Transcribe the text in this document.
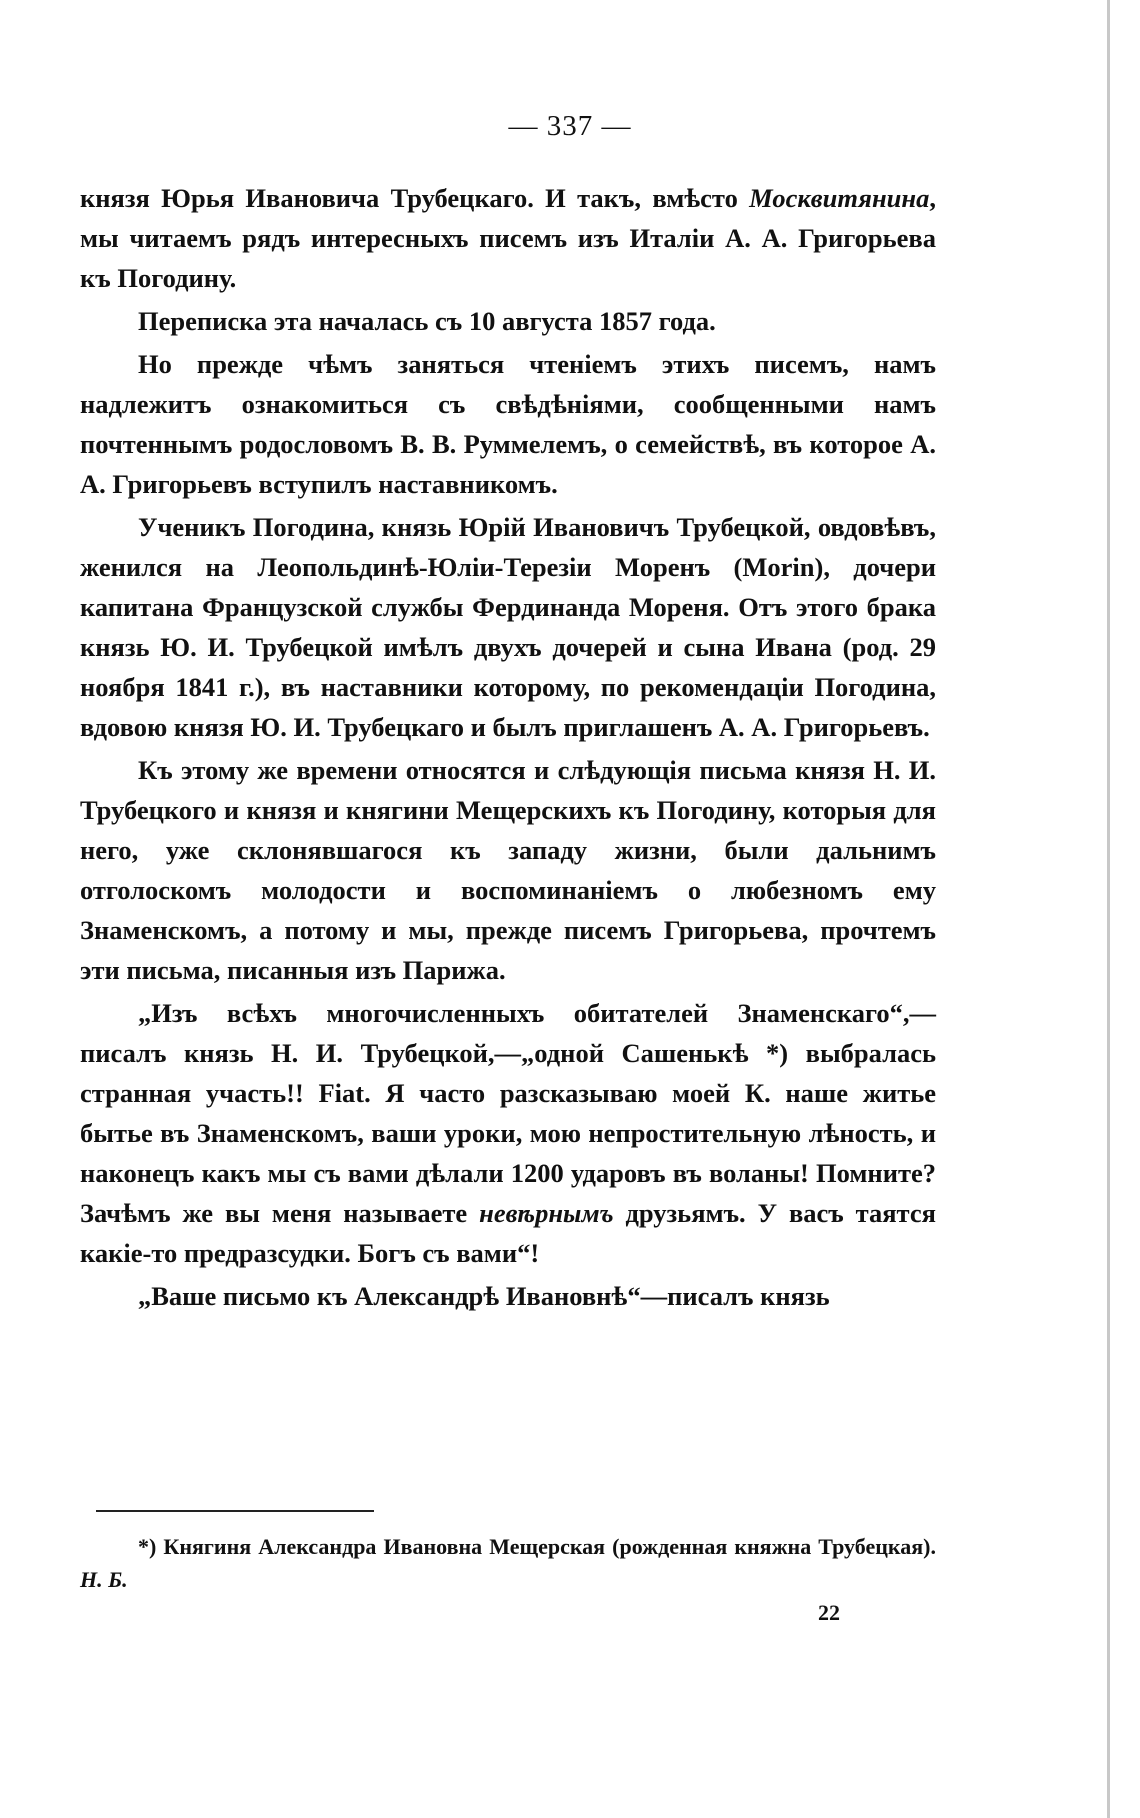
— 337 —

князя Юрья Ивановича Трубецкаго. И такъ, вмѣсто Москвитянина, мы читаемъ рядъ интересныхъ писемъ изъ Италіи А. А. Григорьева къ Погодину.

Переписка эта началась съ 10 августа 1857 года.

Но прежде чѣмъ заняться чтеніемъ этихъ писемъ, намъ надлежитъ ознакомиться съ свѣдѣніями, сообщенными намъ почтеннымъ родословомъ В. В. Руммелемъ, о семействѣ, въ которое А. А. Григорьевъ вступилъ наставникомъ.

Ученикъ Погодина, князь Юрій Ивановичъ Трубецкой, овдовѣвъ, женился на Леопольдинѣ-Юліи-Терезіи Моренъ (Morin), дочери капитана Французской службы Фердинанда Мореня. Отъ этого брака князь Ю. И. Трубецкой имѣлъ двухъ дочерей и сына Ивана (род. 29 ноября 1841 г.), въ наставники которому, по рекомендаціи Погодина, вдовою князя Ю. И. Трубецкаго и былъ приглашенъ А. А. Григорьевъ.

Къ этому же времени относятся и слѣдующія письма князя Н. И. Трубецкого и князя и княгини Мещерскихъ къ Погодину, которыя для него, уже склонявшагося къ западу жизни, были дальнимъ отголоскомъ молодости и воспоминаніемъ о любезномъ ему Знаменскомъ, а потому и мы, прежде писемъ Григорьева, прочтемъ эти письма, писанныя изъ Парижа.

„Изъ всѣхъ многочисленныхъ обитателей Знаменскаго“,— писалъ князь Н. И. Трубецкой,—„одной Сашенькѣ *) выбралась странная участь!! Fiat. Я часто разсказываю моей К. наше житье бытье въ Знаменскомъ, ваши уроки, мою непростительную лѣность, и наконецъ какъ мы съ вами дѣлали 1200 ударовъ въ воланы! Помните? Зачѣмъ же вы меня называете невѣрнымъ друзьямъ. У васъ таятся какіе-то предразсудки. Богъ съ вами“!

„Ваше письмо къ Александрѣ Ивановнѣ“—писалъ князь

*) Княгиня Александра Ивановна Мещерская (рожденная княжна Трубецкая). Н. Б.
22
